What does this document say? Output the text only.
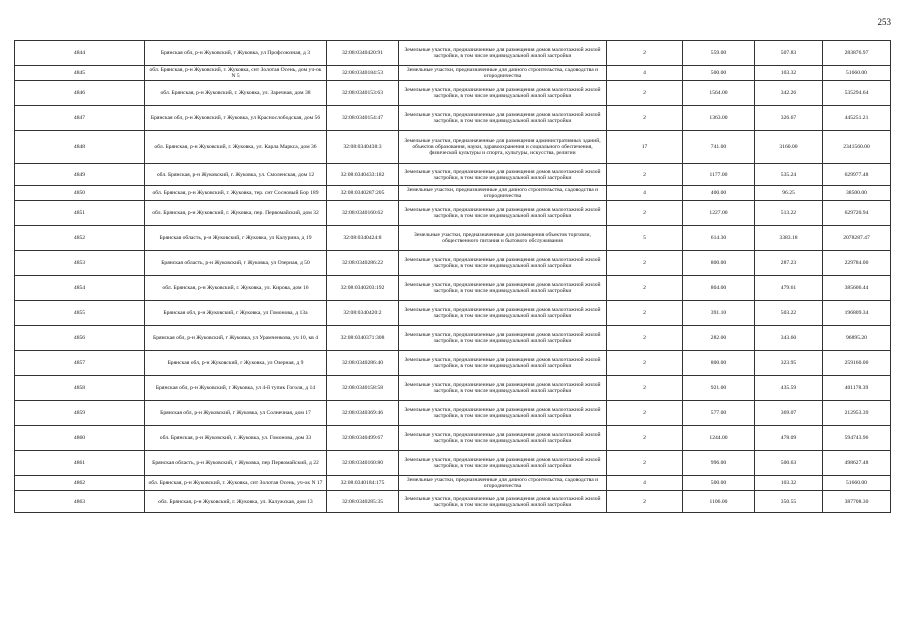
253
4844	Брянская обл, р-н Жуковский, г Жуковка, ул Профсоюзная, д 3	32:08:0340420:91	Земельные участки, предназначенные для размещения домов малоэтажной жилой застройки, в том числе индивидуальной жилой застройки	2	559.00	507.83	283876.97
4845	обл. Брянская, р-н Жуковский, г. Жуковка, снт Золотая Осень, дом уч-ок N 5	32:08:0340184:53	Земельные участки, предназначенные для дачного строительства, садоводства и огородничества	4	500.00	103.32	51660.00
4846	обл. Брянская, р-н Жуковский, г. Жуковка, ул. Заречная, дом 38	32:08:0340153:63	Земельные участки, предназначенные для размещения домов малоэтажной жилой застройки, в том числе индивидуальной жилой застройки	2	1564.00	342.26	535294.64
4847	Брянская обл, р-н Жуковский, г Жуковка, ул Краснослободская, дом 56	32:08:0340154:47	Земельные участки, предназначенные для размещения домов малоэтажной жилой застройки, в том числе индивидуальной жилой застройки	2	1363.00	326.67	445251.21
4848	обл. Брянская, р-н Жуковский, г. Жуковка, ул. Карла Маркса, дом 36	32:08:0340438:3	Земельные участки, предназначенные для размещения административных зданий, объектов образования, науки, здравоохранения и социального обеспечения, физической культуры и спорта, культуры, искусства, религии	17	741.00	3160.00	2341560.00
4849	обл. Брянская, р-н Жуковский, г. Жуковка, ул. Смоленская, дом 12	32:08:0340433:182	Земельные участки, предназначенные для размещения домов малоэтажной жилой застройки, в том числе индивидуальной жилой застройки	2	1177.00	535.24	629977.48
4850	обл. Брянская, р-н Жуковский, г. Жуковка, тер. снт Сосновый Бор 189	32:08:0340287:205	Земельные участки, предназначенные для дачного строительства, садоводства и огородничества	4	400.00	96.25	38500.00
4851	обл. Брянская, р-н Жуковский, г. Жуковка, пер. Первомайский, дом 32	32:08:0340160:62	Земельные участки, предназначенные для размещения домов малоэтажной жилой застройки, в том числе индивидуальной жилой застройки	2	1227.00	513.22	629720.94
4852	Брянская область, р-н Жуковский, г Жуковка, ул Калурина, д 19	32:08:0340424:8	Земельные участки, предназначенные для размещения объектов торговли, общественного питания и бытового обслуживания	5	614.30	3383.18	2078287.47
4853	Брянская область, р-н Жуковский, г Жуковка, ул Озерная, д 50	32:08:0340286:22	Земельные участки, предназначенные для размещения домов малоэтажной жилой застройки, в том числе индивидуальной жилой застройки	2	800.00	287.23	229784.00
4854	обл. Брянская, р-н Жуковский, г. Жуковка, ул. Кирова, дом 16	32:08:0340203:192	Земельные участки, предназначенные для размещения домов малоэтажной жилой застройки, в том числе индивидуальной жилой застройки	2	804.00	479.61	385606.44
4855	Брянская обл, р-н Жуковский, г Жуковка, ул Гомонова, д 13а	32:08:0340420:2	Земельные участки, предназначенные для размещения домов малоэтажной жилой застройки, в том числе индивидуальной жилой застройки	2	391.10	503.22	196809.34
4856	Брянская обл, р-н Жуковский, г Жуковка, ул Урамченкова, уч 10, кв 4	32:08:0340371:308	Земельные участки, предназначенные для размещения домов малоэтажной жилой застройки, в том числе индивидуальной жилой застройки	2	282.00	343.60	96895.20
4857	Брянская обл, р-н Жуковский, г Жуковка, ул Озерная, д 9	32:08:0340286:40	Земельные участки, предназначенные для размещения домов малоэтажной жилой застройки, в том числе индивидуальной жилой застройки	2	800.00	323.95	259160.00
4858	Брянская обл, р-н Жуковский, г Жуковка, ул 4-й тупик Гоголя, д 14	32:08:0340158:58	Земельные участки, предназначенные для размещения домов малоэтажной жилой застройки, в том числе индивидуальной жилой застройки	2	921.00	435.59	401178.39
4859	Брянская обл, р-н Жуковский, г Жуковка, ул Солнечная, дом 17	32:08:0340369:46	Земельные участки, предназначенные для размещения домов малоэтажной жилой застройки, в том числе индивидуальной жилой застройки	2	577.00	369.07	212953.39
4860	обл. Брянская, р-н Жуковский, г. Жуковка, ул. Гомонова, дом 33	32:08:0340499:67	Земельные участки, предназначенные для размещения домов малоэтажной жилой застройки, в том числе индивидуальной жилой застройки	2	1244.00	478.09	594743.96
4861	Брянская область, р-н Жуковский, г Жуковка, пер Первомайский, д 22	32:08:0340160:80	Земельные участки, предназначенные для размещения домов малоэтажной жилой застройки, в том числе индивидуальной жилой застройки	2	996.00	500.63	498627.48
4862	обл. Брянская, р-н Жуковский, г. Жуковка, снт Золотая Осень, уч-ок N 17	32:08:0340184:175	Земельные участки, предназначенные для дачного строительства, садоводства и огородничества	4	500.00	103.32	51660.00
4863	обл. Брянская, р-н Жуковский, г. Жуковка, ул. Калужская, дом 13	32:08:0340285:35	Земельные участки, предназначенные для размещения домов малоэтажной жилой застройки, в том числе индивидуальной жилой застройки	2	1106.00	350.55	387708.30
